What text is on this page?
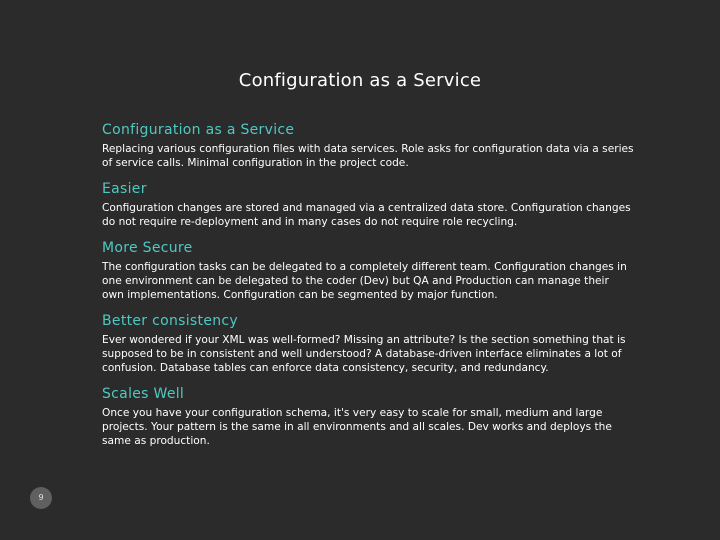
Configuration as a Service
Configuration as a Service

Replacing various configuration files with data services. Role asks for configuration data via a series of service calls. Minimal configuration in the project code.

Easier

Configuration changes are stored and managed via a centralized data store. Configuration changes do not require re-deployment and in many cases do not require role recycling.

More Secure

The configuration tasks can be delegated to a completely different team. Configuration changes in one environment can be delegated to the coder (Dev) but QA and Production can manage their own implementations. Configuration can be segmented by major function.

Better consistency

Ever wondered if your XML was well-formed? Missing an attribute? Is the section something that is supposed to be in consistent and well understood? A database-driven interface eliminates a lot of confusion. Database tables can enforce data consistency, security, and redundancy.

Scales Well

Once you have your configuration schema, it's very easy to scale for small, medium and large projects. Your pattern is the same in all environments and all scales. Dev works and deploys the same as production.

9
